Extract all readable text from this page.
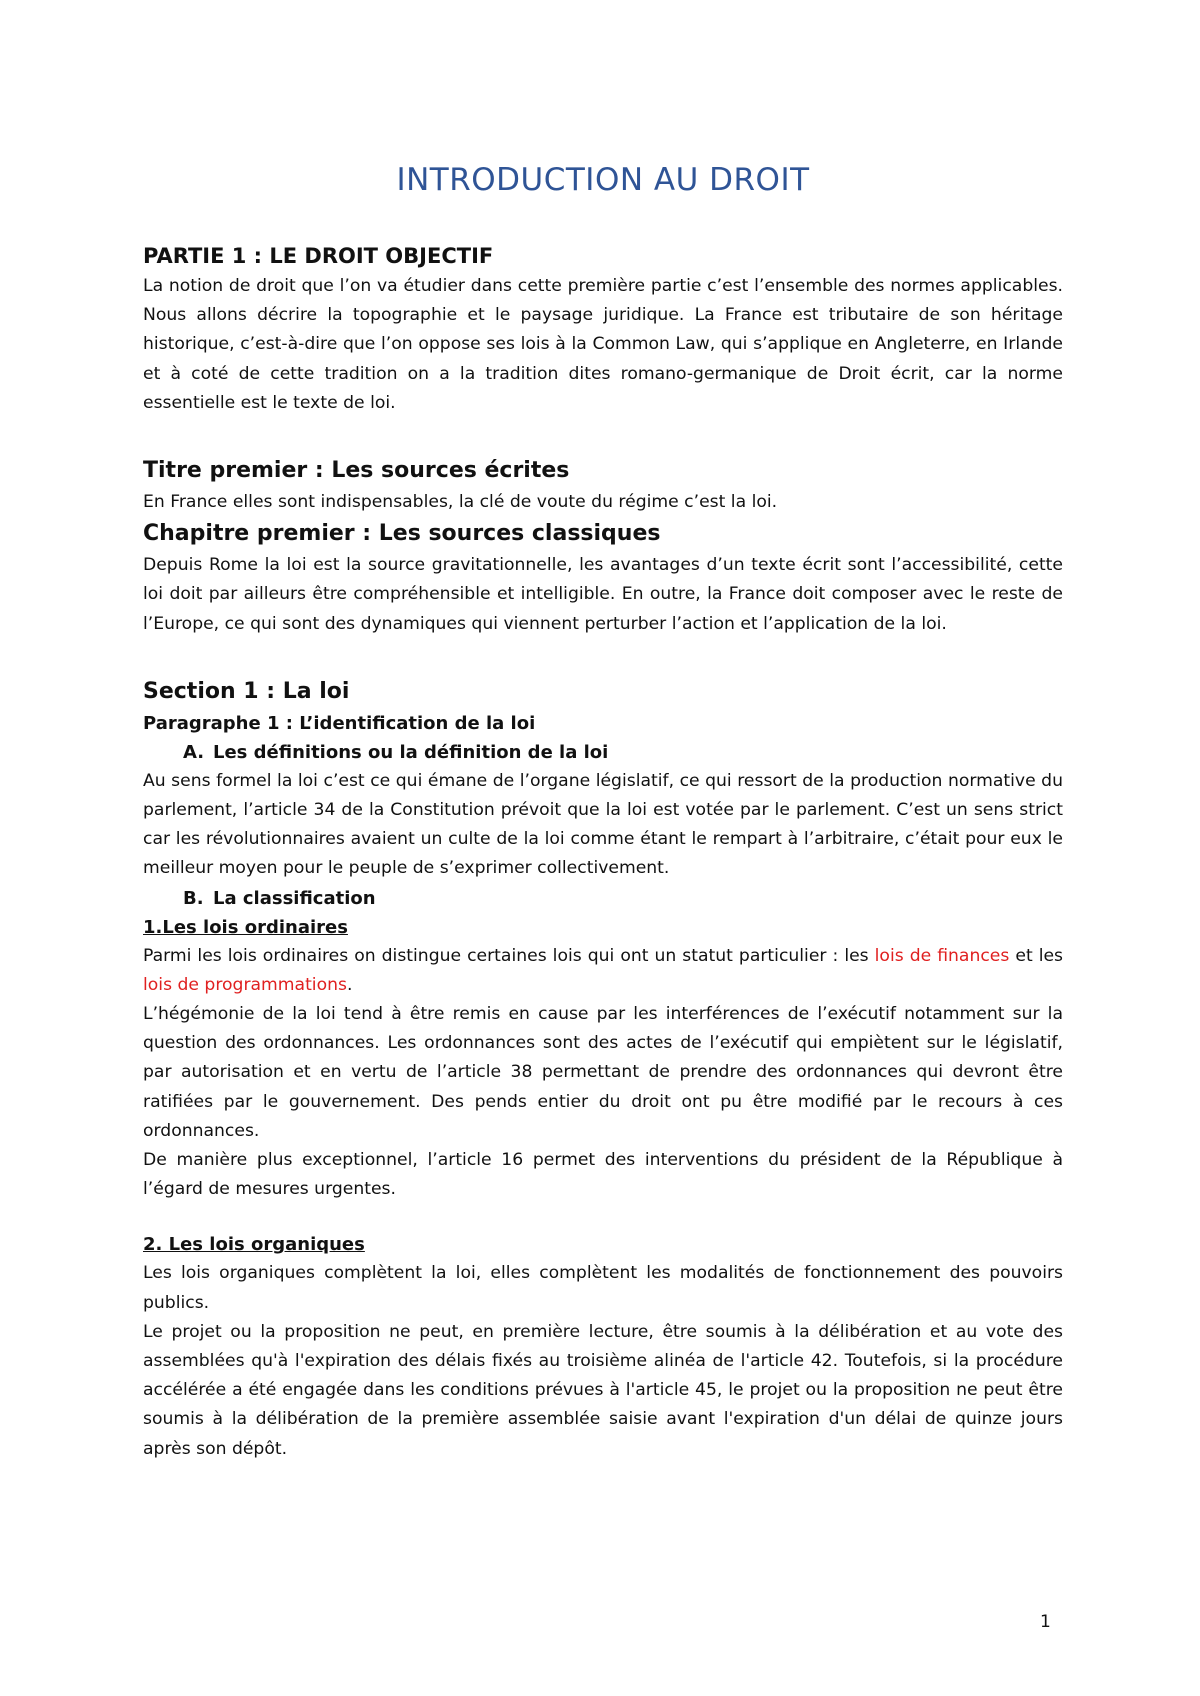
INTRODUCTION AU DROIT
PARTIE 1 : LE DROIT OBJECTIF

La notion de droit que l’on va étudier dans cette première partie c’est l’ensemble des normes applicables. Nous allons décrire la topographie et le paysage juridique. La France est tributaire de son héritage historique, c’est-à-dire que l’on oppose ses lois à la Common Law, qui s’applique en Angleterre, en Irlande et à coté de cette tradition on a la tradition dites romano-germanique de Droit écrit, car la norme essentielle est le texte de loi.

Titre premier : Les sources écrites

En France elles sont indispensables, la clé de voute du régime c’est la loi.

Chapitre premier : Les sources classiques

Depuis Rome la loi est la source gravitationnelle, les avantages d’un texte écrit sont l’accessibilité, cette loi doit par ailleurs être compréhensible et intelligible. En outre, la France doit composer avec le reste de l’Europe, ce qui sont des dynamiques qui viennent perturber l’action et l’application de la loi.

Section 1 : La loi
Paragraphe 1 : L’identification de la loi
A. Les définitions ou la définition de la loi

Au sens formel la loi c’est ce qui émane de l’organe législatif, ce qui ressort de la production normative du parlement, l’article 34 de la Constitution prévoit que la loi est votée par le parlement. C’est un sens strict car les révolutionnaires avaient un culte de la loi comme étant le rempart à l’arbitraire, c’était pour eux le meilleur moyen pour le peuple de s’exprimer collectivement.

B. La classification
1.Les lois ordinaires

Parmi les lois ordinaires on distingue certaines lois qui ont un statut particulier : les lois de finances et les lois de programmations.

L’hégémonie de la loi tend à être remis en cause par les interférences de l’exécutif notamment sur la question des ordonnances. Les ordonnances sont des actes de l’exécutif qui empiètent sur le législatif, par autorisation et en vertu de l’article 38 permettant de prendre des ordonnances qui devront être ratifiées par le gouvernement. Des pends entier du droit ont pu être modifié par le recours à ces ordonnances.

De manière plus exceptionnel, l’article 16 permet des interventions du président de la République à l’égard de mesures urgentes.

2. Les lois organiques

Les lois organiques complètent la loi, elles complètent les modalités de fonctionnement des pouvoirs publics.

Le projet ou la proposition ne peut, en première lecture, être soumis à la délibération et au vote des assemblées qu'à l'expiration des délais fixés au troisième alinéa de l'article 42. Toutefois, si la procédure accélérée a été engagée dans les conditions prévues à l'article 45, le projet ou la proposition ne peut être soumis à la délibération de la première assemblée saisie avant l'expiration d'un délai de quinze jours après son dépôt.

1
